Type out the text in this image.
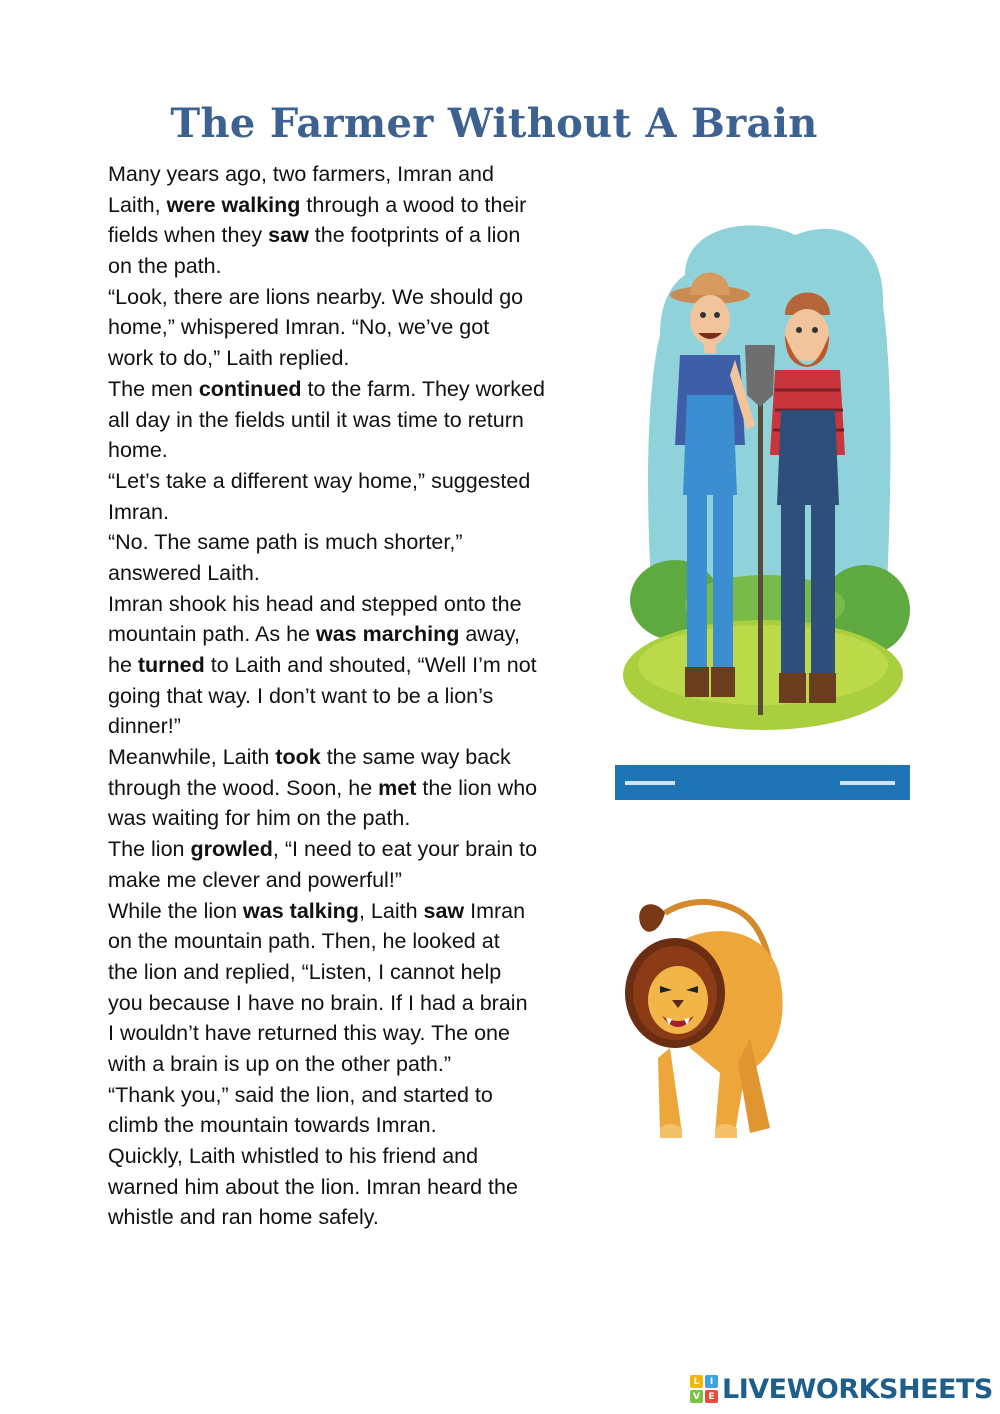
The Farmer Without A Brain
Many years ago, two farmers, Imran and
Laith, were walking through a wood to their
fields when they saw the footprints of a lion
on the path.
“Look, there are lions nearby. We should go
home,” whispered Imran. “No, we’ve got
work to do,” Laith replied.
The men continued to the farm. They worked
all day in the fields until it was time to return
home.
“Let’s take a different way home,” suggested
Imran.
“No. The same path is much shorter,”
answered Laith.
Imran shook his head and stepped onto the
mountain path. As he was marching away,
he turned to Laith and shouted, “Well I’m not
going that way. I don’t want to be a lion’s
dinner!”
Meanwhile, Laith took the same way back
through the wood. Soon, he met the lion who
was waiting for him on the path.
The lion growled, “I need to eat your brain to
make me clever and powerful!”
While the lion was talking, Laith saw Imran
on the mountain path. Then, he looked at
the lion and replied, “Listen, I cannot help
you because I have no brain. If I had a brain
I wouldn’t have returned this way. The one
with a brain is up on the other path.”
“Thank you,” said the lion, and started to
climb the mountain towards Imran.
Quickly, Laith whistled to his friend and
warned him about the lion. Imran heard the
whistle and ran home safely.
L	I
V E LIVEWORKSHEETS
